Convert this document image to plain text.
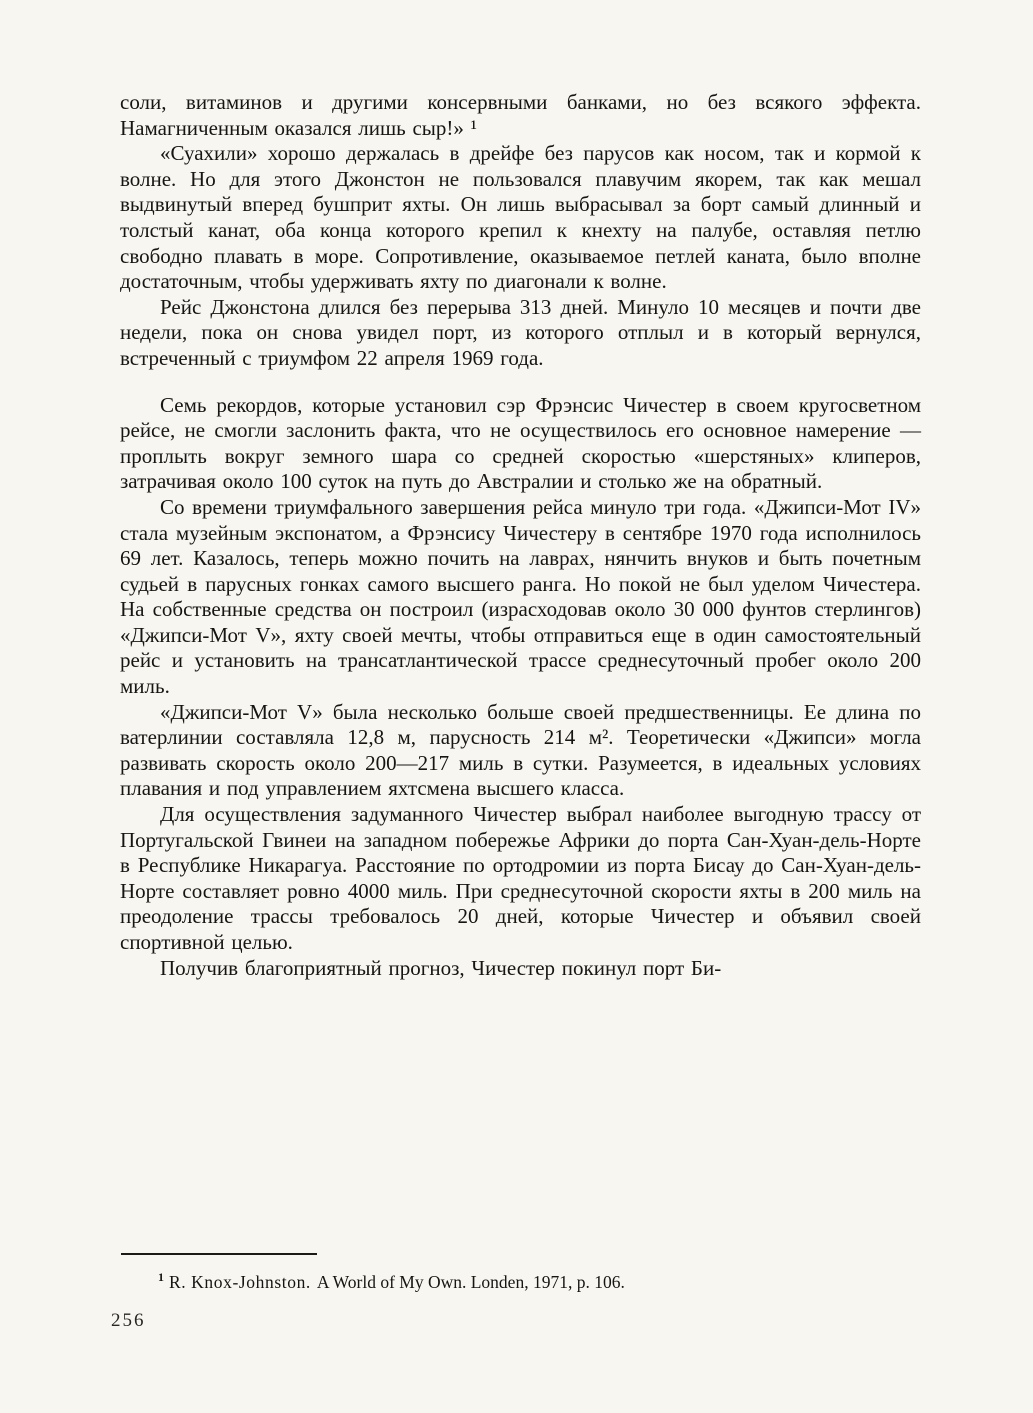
соли, витаминов и другими консервными банками, но без всякого эффекта. Намагниченным оказался лишь сыр!» ¹

«Суахили» хорошо держалась в дрейфе без парусов как носом, так и кормой к волне. Но для этого Джонстон не пользовался плавучим якорем, так как мешал выдвинутый вперед бушприт яхты. Он лишь выбрасывал за борт самый длинный и толстый канат, оба конца которого крепил к кнехту на палубе, оставляя петлю свободно плавать в море. Сопротивление, оказываемое петлей каната, было вполне достаточным, чтобы удерживать яхту по диагонали к волне.

Рейс Джонстона длился без перерыва 313 дней. Минуло 10 месяцев и почти две недели, пока он снова увидел порт, из которого отплыл и в который вернулся, встреченный с триумфом 22 апреля 1969 года.

Семь рекордов, которые установил сэр Фрэнсис Чичестер в своем кругосветном рейсе, не смогли заслонить факта, что не осуществилось его основное намерение — проплыть вокруг земного шара со средней скоростью «шерстяных» клиперов, затрачивая около 100 суток на путь до Австралии и столько же на обратный.

Со времени триумфального завершения рейса минуло три года. «Джипси-Мот IV» стала музейным экспонатом, а Фрэнсису Чичестеру в сентябре 1970 года исполнилось 69 лет. Казалось, теперь можно почить на лаврах, нянчить внуков и быть почетным судьей в парусных гонках самого высшего ранга. Но покой не был уделом Чичестера. На собственные средства он построил (израсходовав около 30 000 фунтов стерлингов) «Джипси-Мот V», яхту своей мечты, чтобы отправиться еще в один самостоятельный рейс и установить на трансатлантической трассе среднесуточный пробег около 200 миль.

«Джипси-Мот V» была несколько больше своей предшественницы. Ее длина по ватерлинии составляла 12,8 м, парусность 214 м². Теоретически «Джипси» могла развивать скорость около 200—217 миль в сутки. Разумеется, в идеальных условиях плавания и под управлением яхтсмена высшего класса.

Для осуществления задуманного Чичестер выбрал наиболее выгодную трассу от Португальской Гвинеи на западном побережье Африки до порта Сан-Хуан-дель-Норте в Республике Никарагуа. Расстояние по ортодромии из порта Бисау до Сан-Хуан-дель-Норте составляет ровно 4000 миль. При среднесуточной скорости яхты в 200 миль на преодоление трассы требовалось 20 дней, которые Чичестер и объявил своей спортивной целью.

Получив благоприятный прогноз, Чичестер покинул порт Би-

$^1$ R. Knox-Johnston. A World of My Own. Londen, 1971, p. 106.

256
